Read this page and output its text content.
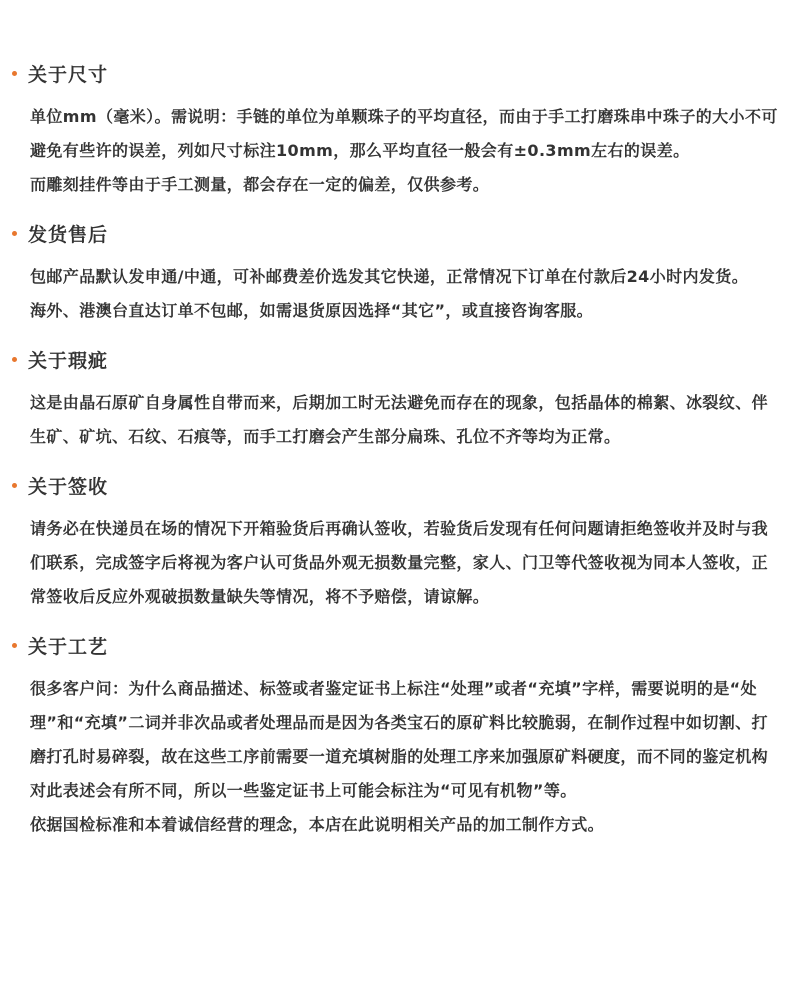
关于尺寸

单位mm（毫米）。需说明：手链的单位为单颗珠子的平均直径，而由于手工打磨珠串中珠子的大小不可避免有些许的误差，列如尺寸标注10mm，那么平均直径一般会有±0.3mm左右的误差。

而雕刻挂件等由于手工测量，都会存在一定的偏差，仅供参考。

发货售后

包邮产品默认发申通/中通，可补邮费差价选发其它快递，正常情况下订单在付款后24小时内发货。

海外、港澳台直达订单不包邮，如需退货原因选择“其它”，或直接咨询客服。

关于瑕疵

这是由晶石原矿自身属性自带而来，后期加工时无法避免而存在的现象，包括晶体的棉絮、冰裂纹、伴生矿、矿坑、石纹、石痕等，而手工打磨会产生部分扁珠、孔位不齐等均为正常。

关于签收

请务必在快递员在场的情况下开箱验货后再确认签收，若验货后发现有任何问题请拒绝签收并及时与我们联系，完成签字后将视为客户认可货品外观无损数量完整，家人、门卫等代签收视为同本人签收，正常签收后反应外观破损数量缺失等情况，将不予赔偿，请谅解。

关于工艺

很多客户问：为什么商品描述、标签或者鉴定证书上标注“处理”或者“充填”字样，需要说明的是“处理”和“充填”二词并非次品或者处理品而是因为各类宝石的原矿料比较脆弱，在制作过程中如切割、打磨打孔时易碎裂，故在这些工序前需要一道充填树脂的处理工序来加强原矿料硬度，而不同的鉴定机构对此表述会有所不同，所以一些鉴定证书上可能会标注为“可见有机物”等。

依据国检标准和本着诚信经营的理念，本店在此说明相关产品的加工制作方式。
